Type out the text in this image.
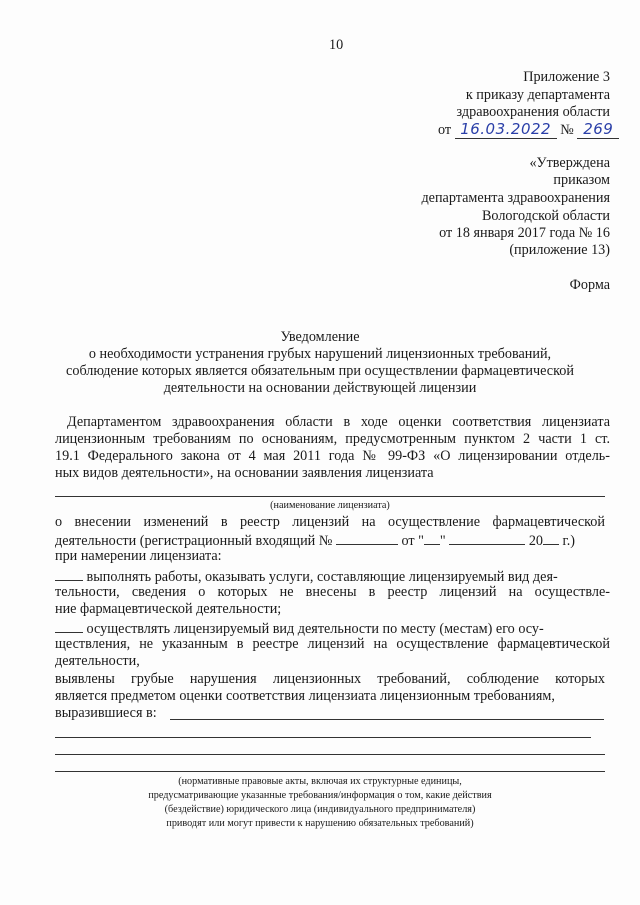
10
Приложение 3
к приказу департамента
здравоохранения области
от 16.03.2022 № 269
«Утверждена
приказом
департамента здравоохранения
Вологодской области
от 18 января 2017 года № 16
(приложение 13)
Форма
Уведомление
о необходимости устранения грубых нарушений лицензионных требований,
соблюдение которых является обязательным при осуществлении фармацевтической
деятельности на основании действующей лицензии
Департаментом здравоохранения области в ходе оценки соответствия лицензиата
лицензионным требованиям по основаниям, предусмотренным пунктом 2 части 1 ст.
19.1 Федерального закона от 4 мая 2011 года № 99-ФЗ «О лицензировании отдель-
ных видов деятельности», на основании заявления лицензиата
(наименование лицензиата)
о внесении изменений в реестр лицензий на осуществление фармацевтической
деятельности (регистрационный входящий №	от " "	20 г.)
при намерении лицензиата:
выполнять работы, оказывать услуги, составляющие лицензируемый вид дея-
тельности, сведения о которых не внесены в реестр лицензий на осуществле-
ние фармацевтической деятельности;
осуществлять лицензируемый вид деятельности по месту (местам) его осу-
ществления, не указанным в реестре лицензий на осуществление фармацевтической
деятельности,
выявлены грубые нарушения лицензионных требований, соблюдение которых
является предметом оценки соответствия лицензиата лицензионным требованиям,
выразившиеся в:
(нормативные правовые акты, включая их структурные единицы,
предусматривающие указанные требования/информация о том, какие действия
(бездействие) юридического лица (индивидуального предпринимателя)
приводят или могут привести к нарушению обязательных требований)
